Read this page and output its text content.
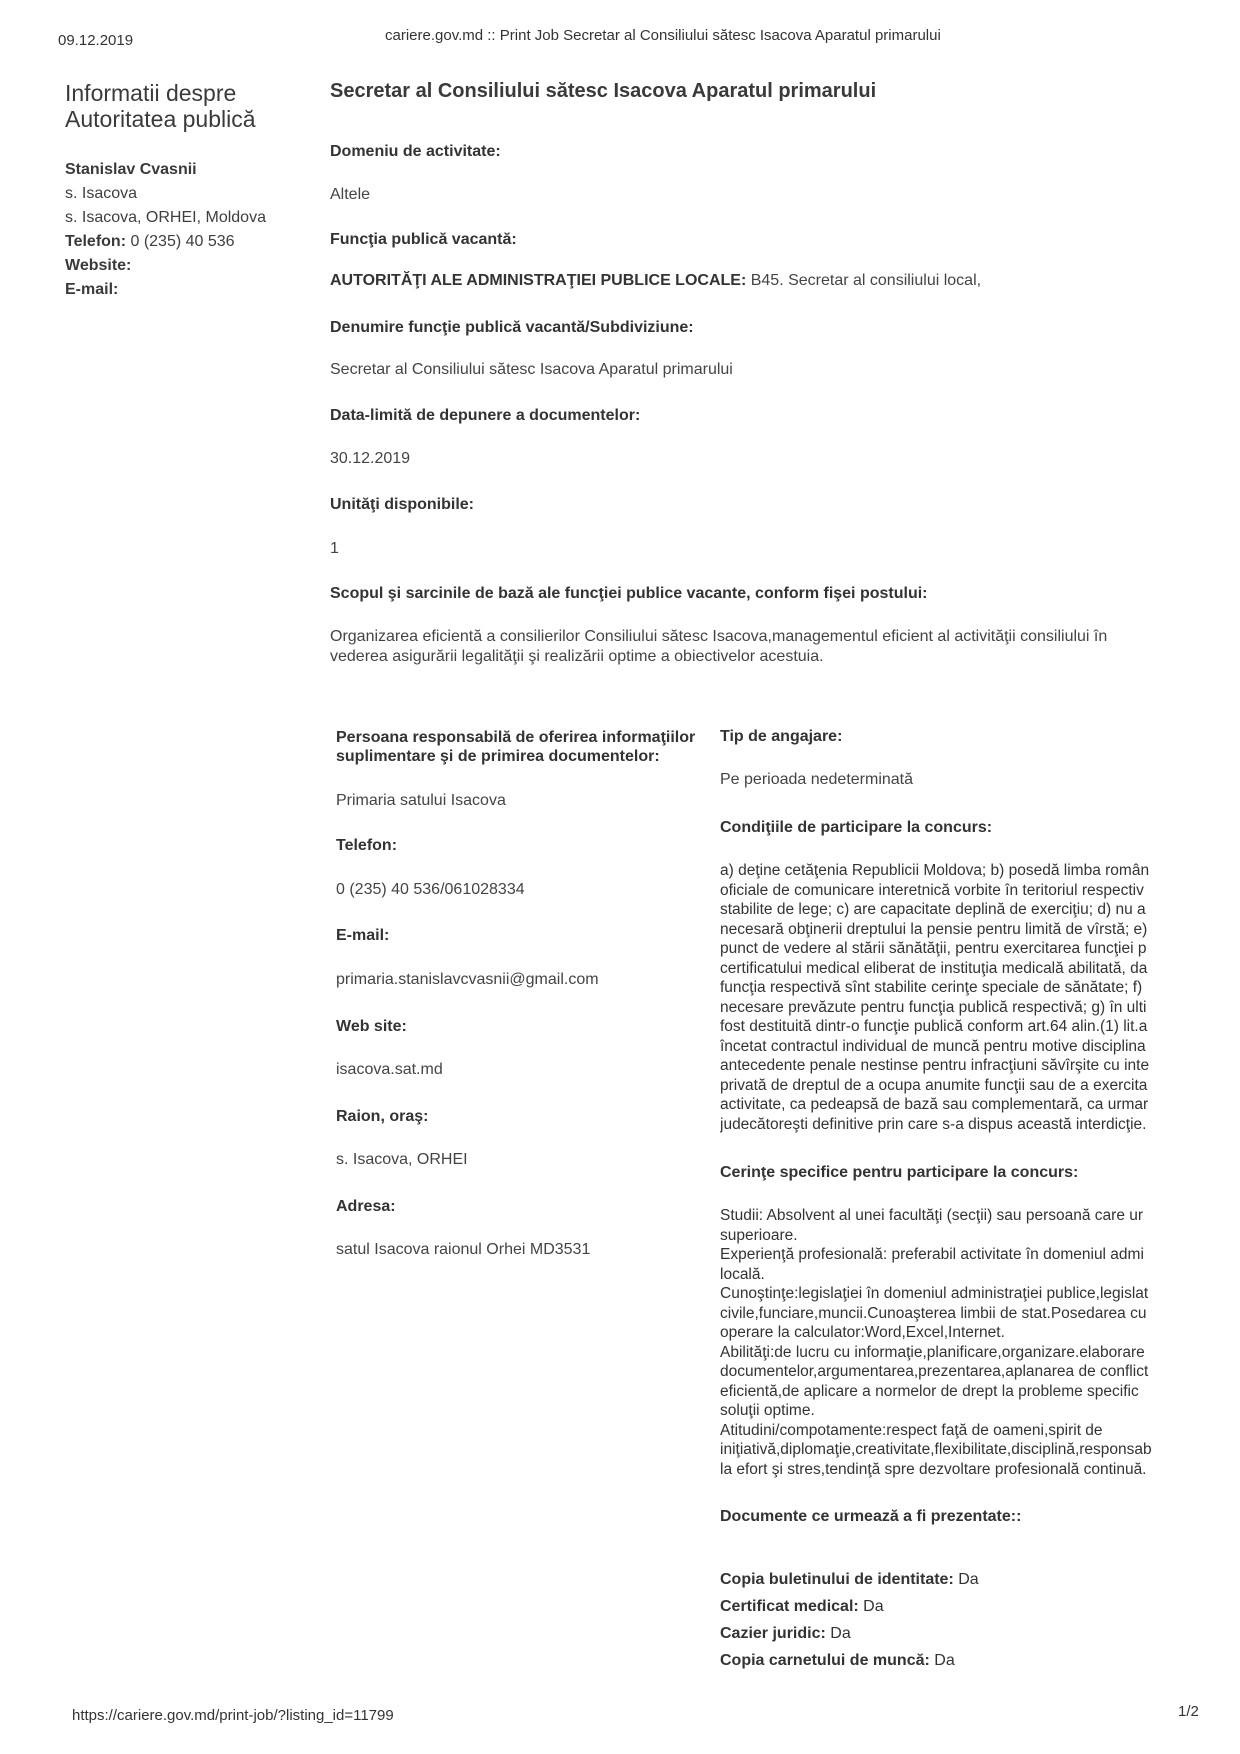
09.12.2019	cariere.gov.md :: Print Job Secretar al Consiliului sătesc Isacova Aparatul primarului
Informatii despre
Autoritatea publică
Stanislav Cvasnii
s. Isacova
s. Isacova, ORHEI, Moldova
Telefon: 0 (235) 40 536
Website:
E-mail:
Secretar al Consiliului sătesc Isacova Aparatul primarului
Domeniu de activitate:
Altele
Funcţia publică vacantă:
AUTORITĂŢI ALE ADMINISTRAŢIEI PUBLICE LOCALE: B45. Secretar al consiliului local,
Denumire funcţie publică vacantă/Subdiviziune:
Secretar al Consiliului sătesc Isacova Aparatul primarului
Data-limită de depunere a documentelor:
30.12.2019
Unităţi disponibile:
1
Scopul şi sarcinile de bază ale funcţiei publice vacante, conform fişei postului:
Organizarea eficientă a consilierilor Consiliului sătesc Isacova,managementul eficient al activităţii consiliului în
vederea asigurării legalităţii şi realizării optime a obiectivelor acestuia.
Persoana responsabilă de oferirea informaţiilor
suplimentare şi de primirea documentelor:
Primaria satului Isacova
Telefon:
0 (235) 40 536/061028334
E-mail:
primaria.stanislavcvasnii@gmail.com
Web site:
isacova.sat.md
Raion, oraş:
s. Isacova, ORHEI
Adresa:
satul Isacova raionul Orhei MD3531
Tip de angajare:
Pe perioada nedeterminată
Condiţiile de participare la concurs:
a) deţine cetăţenia Republicii Moldova; b) posedă limba român
oficiale de comunicare interetnică vorbite în teritoriul respectiv
stabilite de lege; c) are capacitate deplină de exerciţiu; d) nu a
necesară obţinerii dreptului la pensie pentru limită de vîrstă; e)
punct de vedere al stării sănătăţii, pentru exercitarea funcţiei p
certificatului medical eliberat de instituţia medicală abilitată, da
funcţia respectivă sînt stabilite cerinţe speciale de sănătate; f)
necesare prevăzute pentru funcţia publică respectivă; g) în ulti
fost destituită dintr-o funcţie publică conform art.64 alin.(1) lit.a
încetat contractul individual de muncă pentru motive disciplina
antecedente penale nestinse pentru infracţiuni săvîrşite cu inte
privată de dreptul de a ocupa anumite funcţii sau de a exercita
activitate, ca pedeapsă de bază sau complementară, ca urmar
judecătoreşti definitive prin care s-a dispus această interdicţie.
Cerinţe specifice pentru participare la concurs:
Studii: Absolvent al unei facultăţi (secţii) sau persoană care ur
superioare.
Experienţă profesională: preferabil activitate în domeniul admi
locală.
Cunoştinţe:legislaţiei în domeniul administraţiei publice,legislat
civile,funciare,muncii.Cunoaşterea limbii de stat.Posedarea cu
operare la calculator:Word,Excel,Internet.
Abilităţi:de lucru cu informaţie,planificare,organizare.elaborare
documentelor,argumentarea,prezentarea,aplanarea de conflict
eficientă,de aplicare a normelor de drept la probleme specific
soluţii optime.
Atitudini/compotamente:respect faţă de oameni,spirit de
iniţiativă,diplomaţie,creativitate,flexibilitate,disciplină,responsab
la efort şi stres,tendinţă spre dezvoltare profesională continuă.
Documente ce urmează a fi prezentate::
Copia buletinului de identitate: Da
Certificat medical: Da
Cazier juridic: Da
Copia carnetului de muncă: Da
https://cariere.gov.md/print-job/?listing_id=11799	1/2
